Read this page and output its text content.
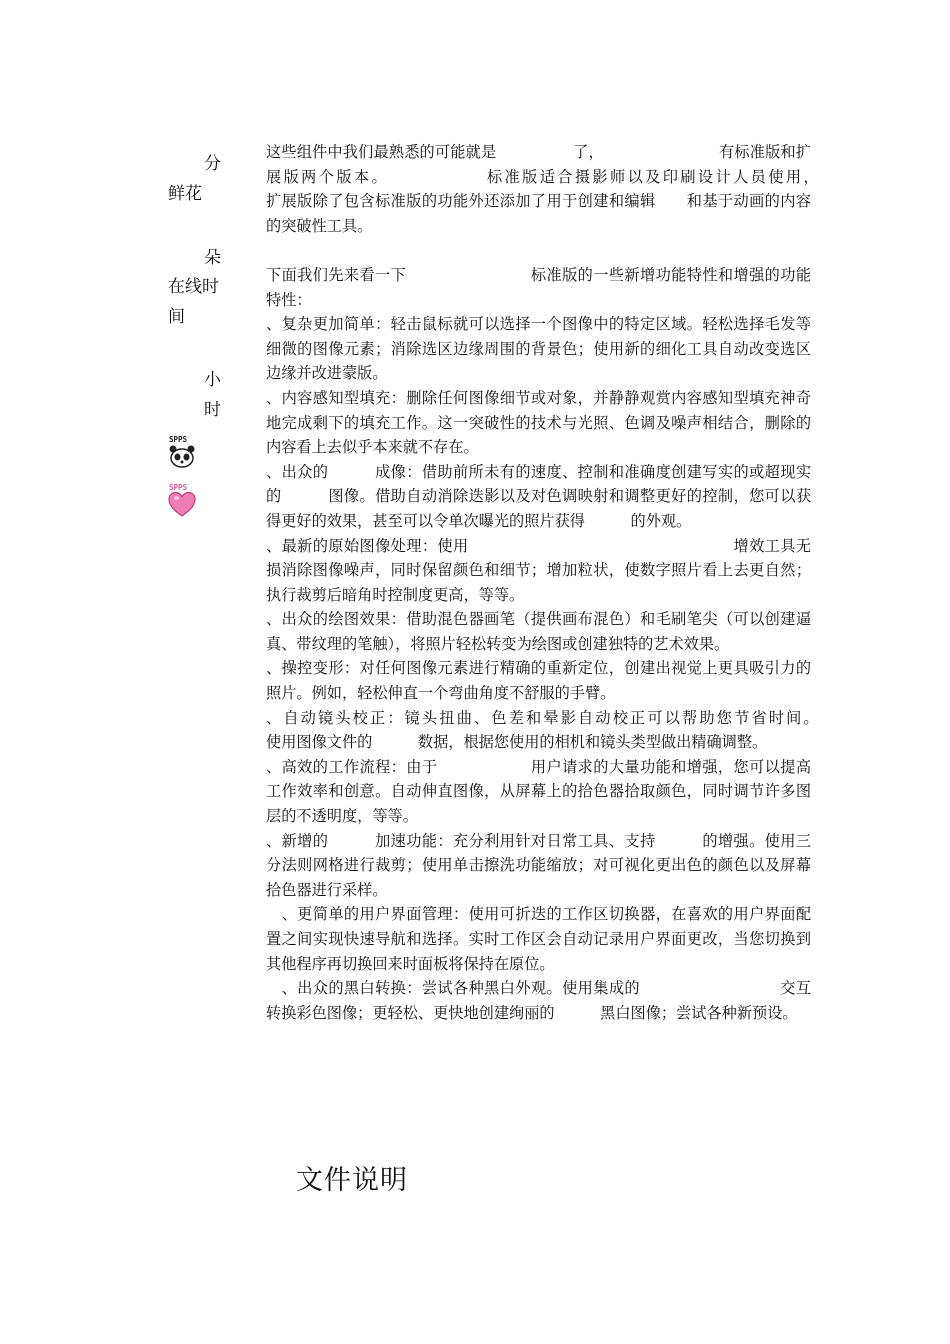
分

鲜花

朵

在线时

间

小

时

SPPS
SPPS

这些组件中我们最熟悉的可能就是　　　　　了，　　　　　　　　有标准版和扩展版两个版本。　　　　　　标准版适合摄影师以及印刷设计人员使用，　　　　　　　　扩展版除了包含标准版的功能外还添加了用于创建和编辑　　和基于动画的内容的突破性工具。

下面我们先来看一下　　　　　　　　标准版的一些新增功能特性和增强的功能特性：

、复杂更加简单：轻击鼠标就可以选择一个图像中的特定区域。轻松选择毛发等细微的图像元素；消除选区边缘周围的背景色；使用新的细化工具自动改变选区边缘并改进蒙版。

、内容感知型填充：删除任何图像细节或对象，并静静观赏内容感知型填充神奇地完成剩下的填充工作。这一突破性的技术与光照、色调及噪声相结合，删除的内容看上去似乎本来就不存在。

、出众的　　　成像：借助前所未有的速度、控制和准确度创建写实的或超现实的　　　图像。借助自动消除迭影以及对色调映射和调整更好的控制，您可以获得更好的效果，甚至可以令单次曝光的照片获得　　　的外观。

、最新的原始图像处理：使用　　　　　　　　　　　　　　　　　增效工具无损消除图像噪声，同时保留颜色和细节；增加粒状，使数字照片看上去更自然；执行裁剪后暗角时控制度更高，等等。

、出众的绘图效果：借助混色器画笔（提供画布混色）和毛刷笔尖（可以创建逼真、带纹理的笔触），将照片轻松转变为绘图或创建独特的艺术效果。

、操控变形：对任何图像元素进行精确的重新定位，创建出视觉上更具吸引力的照片。例如，轻松伸直一个弯曲角度不舒服的手臂。

、自动镜头校正：镜头扭曲、色差和晕影自动校正可以帮助您节省时间。　　　　　　使用图像文件的　　　数据，根据您使用的相机和镜头类型做出精确调整。

、高效的工作流程：由于　　　　　　用户请求的大量功能和增强，您可以提高工作效率和创意。自动伸直图像，从屏幕上的拾色器拾取颜色，同时调节许多图层的不透明度，等等。

、新增的　　　加速功能：充分利用针对日常工具、支持　　　的增强。使用三分法则网格进行裁剪；使用单击擦洗功能缩放；对可视化更出色的颜色以及屏幕拾色器进行采样。

　、更简单的用户界面管理：使用可折迭的工作区切换器，在喜欢的用户界面配置之间实现快速导航和选择。实时工作区会自动记录用户界面更改，当您切换到其他程序再切换回来时面板将保持在原位。

　、出众的黑白转换：尝试各种黑白外观。使用集成的　　　　　　　　　交互转换彩色图像；更轻松、更快地创建绚丽的　　　黑白图像；尝试各种新预设。

文件说明
